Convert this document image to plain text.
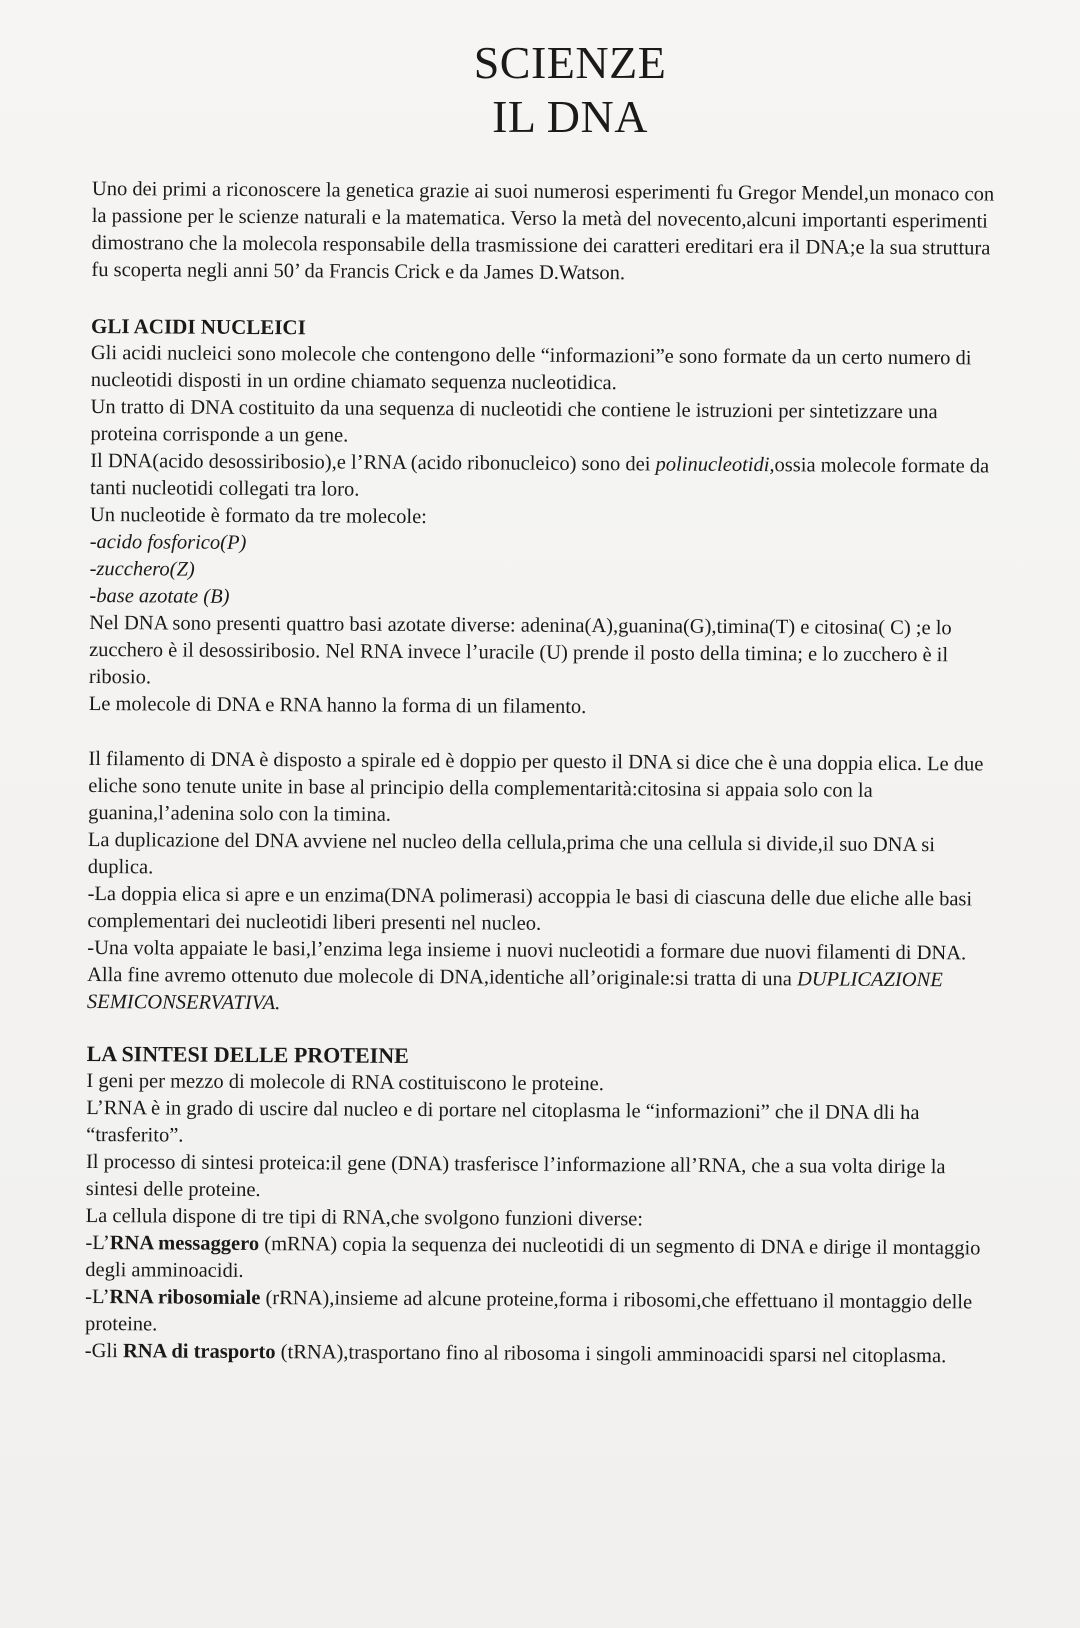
SCIENZE
IL DNA

Uno dei primi a riconoscere la genetica grazie ai suoi numerosi esperimenti fu Gregor Mendel,un monaco con la passione per le scienze naturali e la matematica. Verso la metà del novecento,alcuni importanti esperimenti dimostrano che la molecola responsabile della trasmissione dei caratteri ereditari era il DNA;e la sua struttura fu scoperta negli anni 50’ da Francis Crick e da James D.Watson.

GLI ACIDI NUCLEICI

Gli acidi nucleici sono molecole che contengono delle “informazioni”e sono formate da un certo numero di nucleotidi disposti in un ordine chiamato sequenza nucleotidica.

Un tratto di DNA costituito da una sequenza di nucleotidi che contiene le istruzioni per sintetizzare una proteina corrisponde a un gene.

Il DNA(acido desossiribosio),e l’RNA (acido ribonucleico) sono dei polinucleotidi,ossia molecole formate da tanti nucleotidi collegati tra loro.

Un nucleotide è formato da tre molecole:

-acido fosforico(P)

-zucchero(Z)

-base azotate (B)

Nel DNA sono presenti quattro basi azotate diverse: adenina(A),guanina(G),timina(T) e citosina( C) ;e lo zucchero è il desossiribosio. Nel RNA invece l’uracile (U) prende il posto della timina; e lo zucchero è il ribosio.

Le molecole di DNA e RNA hanno la forma di un filamento.

Il filamento di DNA è disposto a spirale ed è doppio per questo il DNA si dice che è una doppia elica. Le due eliche sono tenute unite in base al principio della complementarità:citosina si appaia solo con la guanina,l’adenina solo con la timina.

La duplicazione del DNA avviene nel nucleo della cellula,prima che una cellula si divide,il suo DNA si duplica.

-La doppia elica si apre e un enzima(DNA polimerasi) accoppia le basi di ciascuna delle due eliche alle basi complementari dei nucleotidi liberi presenti nel nucleo.

-Una volta appaiate le basi,l’enzima lega insieme i nuovi nucleotidi a formare due nuovi filamenti di DNA. Alla fine avremo ottenuto due molecole di DNA,identiche all’originale:si tratta di una DUPLICAZIONE SEMICONSERVATIVA.

LA SINTESI DELLE PROTEINE

I geni per mezzo di molecole di RNA costituiscono le proteine.

L’RNA è in grado di uscire dal nucleo e di portare nel citoplasma le “informazioni” che il DNA dli ha “trasferito”.

Il processo di sintesi proteica:il gene (DNA) trasferisce l’informazione all’RNA, che a sua volta dirige la sintesi delle proteine.

La cellula dispone di tre tipi di RNA,che svolgono funzioni diverse:

-L’RNA messaggero (mRNA) copia la sequenza dei nucleotidi di un segmento di DNA e dirige il montaggio degli amminoacidi.

-L’RNA ribosomiale (rRNA),insieme ad alcune proteine,forma i ribosomi,che effettuano il montaggio delle proteine.

-Gli RNA di trasporto (tRNA),trasportano fino al ribosoma i singoli amminoacidi sparsi nel citoplasma.
